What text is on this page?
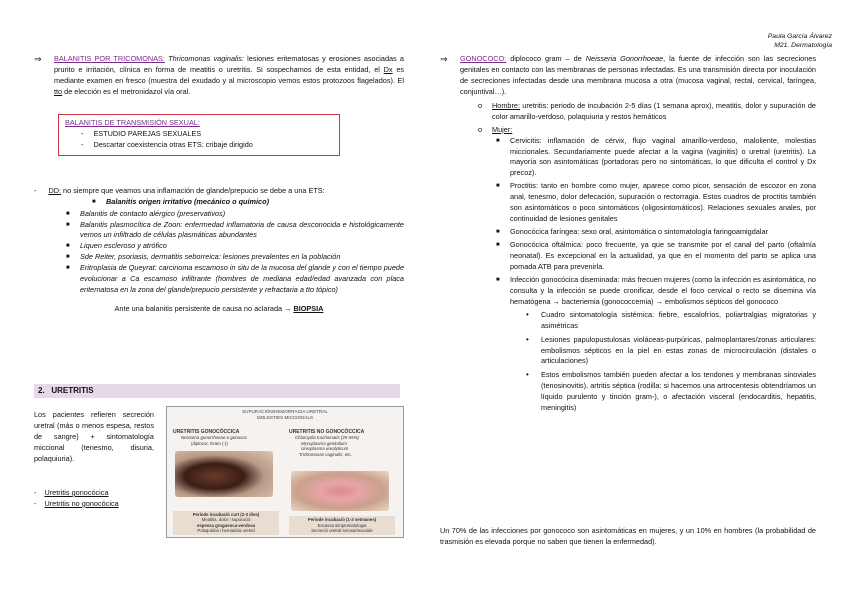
Paula García Álvarez
M21. Dermatología
⇒	BALANITIS POR TRICOMONAS: Thricomonas vaginalis: lesiones eritematosas y erosiones asociadas a prurito e irritación, clínica en forma de meatitis o uretritis. Si sospechamos de esta entidad, el Dx es mediante examen en fresco (muestra del exudado y al microscopio vemos estos protozoos flagelados). El tto de elección es el metronidazol vía oral.
BALANITIS DE TRANSMISIÓN SEXUAL:
- ESTUDIO PAREJAS SEXUALES
- Descartar coexistencia otras ETS: cribaje dirigido
- DD: no siempre que veamos una inflamación de glande/prepucio se debe a una ETS:
■	Balanitis origen irritativo (mecánico o químico)
■	Balanitis de contacto alérgico (preservativos)
■	Balanitis plasmocítica de Zoon: enfermedad inflamatoria de causa desconocida e histológicamente vemos un infiltrado de células plasmáticas abundantes
■	Liquen escleroso y atrófico
■	Sde Reiter, psoriasis, dermatitis seborreica: lesiones prevalentes en la población
■	Eritroplasia de Queyrat: carcinoma escamoso in situ de la mucosa del glande y con el tiempo puede evolucionar a Ca escamoso infiltrante (hombres de mediana edad/edad avanzada con placa eritematosa en la zona del glande/prepucio persistente y refractaria a tto tópico)
Ante una balanitis persistente de causa no aclarada → BIOPSIA
2. URETRITIS
Los pacientes refieren secreción uretral (más o menos espesa, restos de sangre) + sintomatología miccional (tenesmo, disuria, polaquiuria).
- Uretritis gonocócica
- Uretritis no gonocócica
SUPURACIÓN/HEMORRAGIA URETRAL
MOLESTIES MICCIONALS
URETRITIS GONOCÒCCICA
Neisseria gonorrhoeae o gonococ
(diplococ Gram (-))
Període incubació curt (2-3 dies)
Meatitis, dolor i supuració
espessa groguenca-verdosa
Polaquiúria i hematúria uretral
URETRITIS NO GONOCÒCCICA
Chlamydia trachomatis (25-55%)
Mycoplasma genitalium
Ureaplasma urealyticum
Trichomonas vaginalis, etc.
Període incubació (1-3 setmanes)
Escassa simptomatologia
Secreció uretral serosa/mucoide
⇒	GONOCOCO: diplococo gram – de Neisseria Gonorrhoeae, la fuente de infección son las secreciones genitales en contacto con las membranas de personas infectadas. Es una transmisión directa por inoculación de secreciones infectadas desde una membrana mucosa a otra (mucosa vaginal, rectal, cervical, faríngea, conjuntival…).
o Hombre: uretritis: periodo de incubación 2-5 días (1 semana aprox), meatitis, dolor y supuración de color amarillo-verdoso, polaquiuria y restos hemáticos
o Mujer:
■	Cervicitis: inflamación de cérvix, flujo vaginal amarillo-verdoso, maloliente, molestias miccionales. Secundariamente puede afectar a la vagina (vaginitis) o uretral (uretritis). La mayoría son asintomáticas (portadoras pero no sintomáticas, lo que dificulta el control y Dx precoz).
■	Proctitis: tanto en hombre como mujer, aparece como picor, sensación de escozor en zona anal, tenesmo, dolor defecación, supuración o rectorragia. Estos cuadros de proctitis también son asintomáticos o poco sintomáticos (oligosintomáticos). Relaciones sexuales anales, por continuidad de lesiones genitales
■	Gonocócica faríngea: sexo oral, asintomática o sintomatología faringoamigdalar
■	Gonocócica oftálmica: poco frecuente, ya que se transmite por el canal del parto (oftalmía neonatal). Es excepcional en la actualidad, ya que en el momento del parto se aplica una pomada ATB para prevenirla.
■	Infección gonocócica diseminada: más frecuen mujeres (como la infección es asintomática, no consulta y la infección se puede cronificar, desde el foco cervical o recto se disemina vía hematógena → bacteriemia (gonococcemia) → embolismos sépticos del gonococo
• Cuadro sintomatología sistémica: fiebre, escalofríos, poliartralgias migratorias y asimétricas
• Lesiones papulopustulosas violáceas-purpúricas, palmoplantares/zonas articulares: embolismos sépticos en la piel en estas zonas de microcirculación (distales o articulaciones)
• Estos embolismos también pueden afectar a los tendones y membranas sinoviales (tenosinovitis), artritis séptica (rodilla: si hacemos una artrocentesis obtendríamos un líquido purulento y tinción gram-), o afectación visceral (endocarditis, hepatitis, meningitis)
Un 70% de las infecciones por gonococo son asintomáticas en mujeres, y un 10% en hombres (la probabilidad de trasmisión es elevada porque no saben que tienen la enfermedad).
